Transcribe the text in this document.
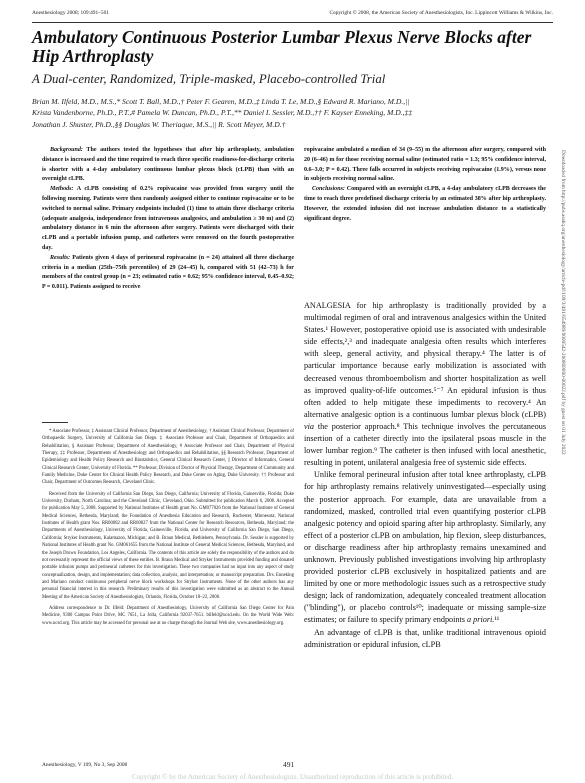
Anesthesiology 2008; 109:491–501	Copyright © 2008, the American Society of Anesthesiologists, Inc. Lippincott Williams & Wilkins, Inc.
Ambulatory Continuous Posterior Lumbar Plexus Nerve Blocks after Hip Arthroplasty
A Dual-center, Randomized, Triple-masked, Placebo-controlled Trial
Brian M. Ilfeld, M.D., M.S.,* Scott T. Ball, M.D.,† Peter F. Gearen, M.D.,‡ Linda T. Le, M.D.,§ Edward R. Mariano, M.D.,||
Krista Vandenborne, Ph.D., P.T.,# Pamela W. Duncan, Ph.D., P.T.,** Daniel I. Sessler, M.D.,†† F. Kayser Enneking, M.D.,‡‡
Jonathan J. Shuster, Ph.D.,§§ Douglas W. Theriaque, M.S.,|| R. Scott Meyer, M.D.†

Background: The authors tested the hypotheses that after hip arthroplasty, ambulation distance is increased and the time required to reach three specific readiness-for-discharge criteria is shorter with a 4-day ambulatory continuous lumbar plexus block (cLPB) than with an overnight cLPB.

Methods: A cLPB consisting of 0.2% ropivacaine was provided from surgery until the following morning. Patients were then randomly assigned either to continue ropivacaine or to be switched to normal saline. Primary endpoints included (1) time to attain three discharge criteria (adequate analgesia, independence from intravenous analgesics, and ambulation ≥ 30 m) and (2) ambulatory distance in 6 min the afternoon after surgery. Patients were discharged with their cLPB and a portable infusion pump, and catheters were removed on the fourth postoperative day.

Results: Patients given 4 days of perineural ropivacaine (n = 24) attained all three discharge criteria in a median (25th–75th percentiles) of 29 (24–45) h, compared with 51 (42–73) h for members of the control group (n = 23; estimated ratio = 0.62; 95% confidence interval, 0.45–0.92; P = 0.011). Patients assigned to receive

ropivacaine ambulated a median of 34 (9–55) m the afternoon after surgery, compared with 20 (6–46) m for those receiving normal saline (estimated ratio = 1.3; 95% confidence interval, 0.6–3.0; P = 0.42). Three falls occurred in subjects receiving ropivacaine (1.9%), versus none in subjects receiving normal saline.

Conclusions: Compared with an overnight cLPB, a 4-day ambulatory cLPB decreases the time to reach three predefined discharge criteria by an estimated 38% after hip arthroplasty. However, the extended infusion did not increase ambulation distance to a statistically significant degree.

* Associate Professor, ‡ Assistant Clinical Professor, Department of Anesthesiology, † Assistant Clinical Professor, Department of Orthopaedic Surgery, University of California San Diego. ‡ Associate Professor and Chair, Department of Orthopaedics and Rehabilitation, § Assistant Professor, Department of Anesthesiology, # Associate Professor and Chair, Department of Physical Therapy, ‡‡ Professor, Departments of Anesthesiology and Orthopaedics and Rehabilitation, §§ Research Professor, Department of Epidemiology and Health Policy Research and Biostatistics, General Clinical Research Center, || Director of Informatics, General Clinical Research Center, University of Florida. ** Professor, Division of Doctor of Physical Therapy, Department of Community and Family Medicine, Duke Center for Clinical Health Policy Research, and Duke Center on Aging, Duke University. †† Professor and Chair, Department of Outcomes Research, Cleveland Clinic.

Received from the University of California San Diego, San Diego, California; University of Florida, Gainesville, Florida; Duke University, Durham, North Carolina; and the Cleveland Clinic, Cleveland, Ohio. Submitted for publication March 6, 2008. Accepted for publication May 5, 2008. Supported by National Institutes of Health grant No. GM077026 from the National Institute of General Medical Sciences, Bethesda, Maryland; the Foundation of Anesthesia Education and Research, Rochester, Minnesota; National Institutes of Health grant Nos. RR00082 and RR00827 from the National Center for Research Resources, Bethesda, Maryland; the Departments of Anesthesiology, University of Florida, Gainesville, Florida, and University of California San Diego, San Diego, California; Stryker Instruments, Kalamazoo, Michigan; and B. Braun Medical, Bethlehem, Pennsylvania. Dr. Sessler is supported by National Institutes of Health grant No. GM061655 from the National Institute of General Medical Sciences, Bethesda, Maryland, and the Joseph Drown Foundation, Los Angeles, California. The contents of this article are solely the responsibility of the authors and do not necessarily represent the official views of these entities. B. Braun Medical and Stryker Instruments provided funding and donated portable infusion pumps and perineural catheters for this investigation. These two companies had no input into any aspect of study conceptualization, design, and implementation; data collection, analysis, and interpretation; or manuscript preparation. Drs. Enneking and Mariano conduct continuous peripheral nerve block workshops for Stryker Instruments. None of the other authors has any personal financial interest in this research. Preliminary results of this investigation were submitted as an abstract to the Annual Meeting of the American Society of Anesthesiologists, Orlando, Florida, October 18–22, 2008.

Address correspondence to Dr. Ilfeld: Department of Anesthesiology, University of California San Diego Center for Pain Medicine, 9300 Campus Point Drive, MC 7651, La Jolla, California 92037-7651. bilfeld@ucsd.edu. On the World Wide Web: www.ucsd.org. This article may be accessed for personal use at no charge through the Journal Web site, www.anesthesiology.org.

ANALGESIA for hip arthroplasty is traditionally provided by a multimodal regimen of oral and intravenous analgesics within the United States.¹ However, postoperative opioid use is associated with undesirable side effects,²,³ and inadequate analgesia often results which interferes with sleep, general activity, and physical therapy.⁴ The latter is of particular importance because early mobilization is associated with decreased venous thromboembolism and shorter hospitalization as well as improved quality-of-life outcomes.⁵⁻⁷ An epidural infusion is thus often added to help mitigate these impediments to recovery.⁴ An alternative analgesic option is a continuous lumbar plexus block (cLPB) via the posterior approach.⁸ This technique involves the percutaneous insertion of a catheter directly into the ipsilateral psoas muscle in the lower lumbar region.⁹ The catheter is then infused with local anesthetic, resulting in potent, unilateral analgesia free of systemic side effects.

Unlike femoral perineural infusion after total knee arthroplasty, cLPB for hip arthroplasty remains relatively uninvestigated—especially using the posterior approach. For example, data are unavailable from a randomized, masked, controlled trial even quantifying posterior cLPB analgesic potency and opioid sparing after hip arthroplasty. Similarly, any effect of a posterior cLPB on ambulation, hip flexion, sleep disturbances, or discharge readiness after hip arthroplasty remains unexamined and unknown. Previously published investigations involving hip arthroplasty provided posterior cLPB exclusively in hospitalized patients and are limited by one or more methodologic issues such as a retrospective study design; lack of randomization, adequately concealed treatment allocation ("blinding"), or placebo controls¹⁰; inadequate or missing sample-size estimates; or failure to specify primary endpoints a priori.¹¹

An advantage of cLPB is that, unlike traditional intravenous opioid administration or epidural infusion, cLPB

Anesthesiology, V 109, No 3, Sep 2008	491
Copyright © by the American Society of Anesthesiologists. Unauthorized reproduction of this article is prohibited.
Downloaded from http://pubs.asahq.org/anesthesiology/article-pdf/109/3/491/654989/0000542-200809000-00022.pdf by guest on 01 July 2022
